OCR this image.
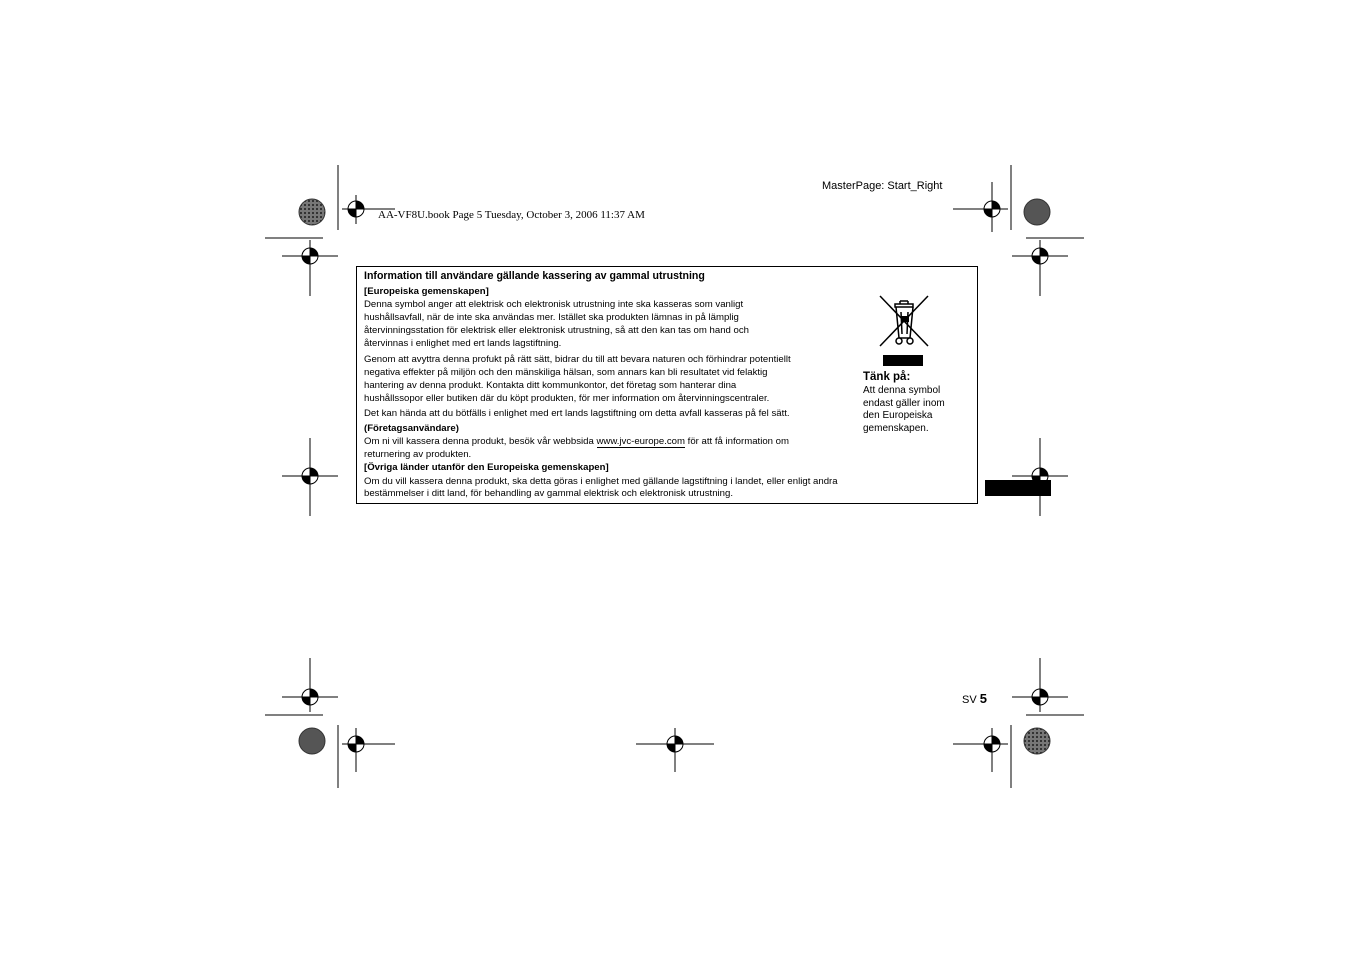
MasterPage: Start_Right
AA-VF8U.book Page 5 Tuesday, October 3, 2006 11:37 AM
Information till användare gällande kassering av gammal utrustning
[Europeiska gemenskapen]
Denna symbol anger att elektrisk och elektronisk utrustning inte ska kasseras som vanligt
hushållsavfall, när de inte ska användas mer. Istället ska produkten lämnas in på lämplig
återvinningsstation för elektrisk eller elektronisk utrustning, så att den kan tas om hand och
återvinnas i enlighet med ert lands lagstiftning.
Genom att avyttra denna profukt på rätt sätt, bidrar du till att bevara naturen och förhindrar potentiellt
negativa effekter på miljön och den mänskiliga hälsan, som annars kan bli resultatet vid felaktig
hantering av denna produkt. Kontakta ditt kommunkontor, det företag som hanterar dina
hushållssopor eller butiken där du köpt produkten, för mer information om återvinningscentraler.
Det kan hända att du bötfälls i enlighet med ert lands lagstiftning om detta avfall kasseras på fel sätt.
(Företagsanvändare)
Om ni vill kassera denna produkt, besök vår webbsida www.jvc-europe.com för att få information om
returnering av produkten.
[Övriga länder utanför den Europeiska gemenskapen]
Om du vill kassera denna produkt, ska detta göras i enlighet med gällande lagstiftning i landet, eller enligt andra
bestämmelser i ditt land, för behandling av gammal elektrisk och elektronisk utrustning.
Tänk på:
Att denna symbol
endast gäller inom
den Europeiska
gemenskapen.
SV 5
